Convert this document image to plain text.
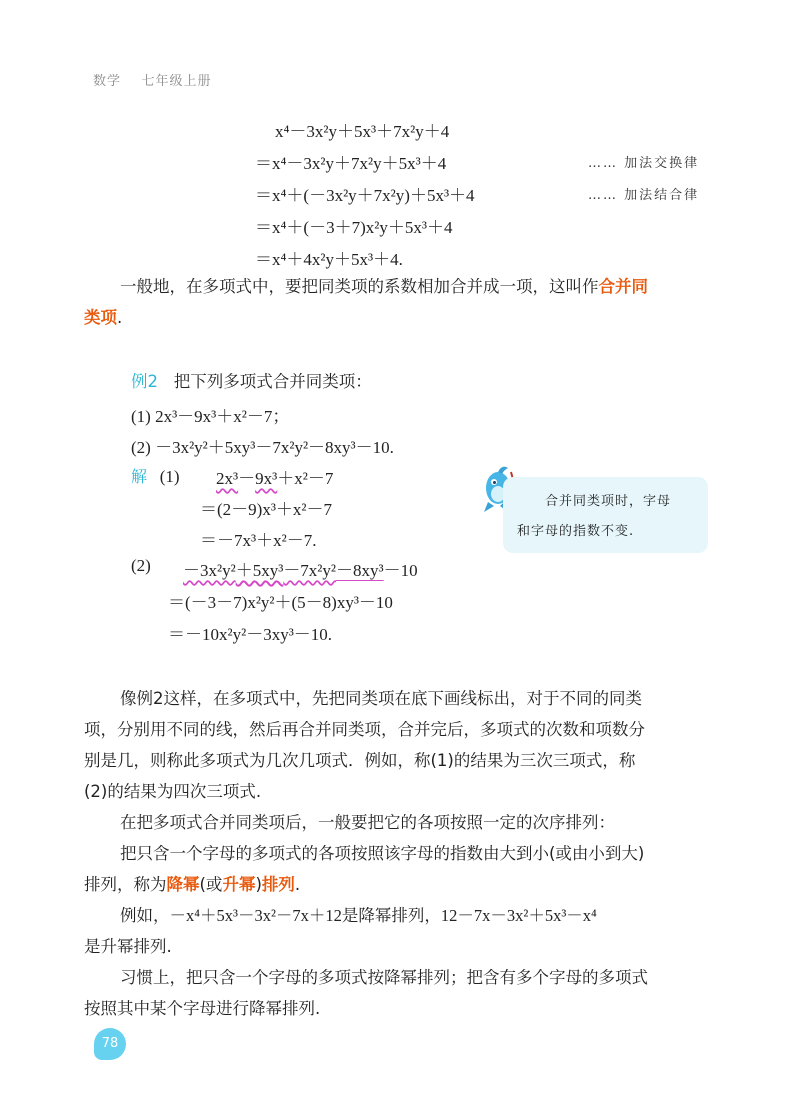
数学 七年级上册
x⁴－3x²y＋5x³＋7x²y＋4
＝x⁴－3x²y＋7x²y＋5x³＋4	…… 加法交换律
＝x⁴＋(－3x²y＋7x²y)＋5x³＋4	…… 加法结合律
＝x⁴＋(－3＋7)x²y＋5x³＋4
＝x⁴＋4x²y＋5x³＋4.
一般地，在多项式中，要把同类项的系数相加合并成一项，这叫作合并同
类项.
例2 把下列多项式合并同类项：
(1) 2x³－9x³＋x²－7；
(2) －3x²y²＋5xy³－7x²y²－8xy³－10.
解 (1) 2x³－9x³＋x²－7
＝(2－9)x³＋x²－7
＝－7x³＋x²－7.
(2) －3x²y²＋5xy³－7x²y²－8xy³－10
＝(－3－7)x²y²＋(5－8)xy³－10
＝－10x²y²－3xy³－10.
合并同类项时，字母
和字母的指数不变.
像例2这样，在多项式中，先把同类项在底下画线标出，对于不同的同类
项，分别用不同的线，然后再合并同类项，合并完后，多项式的次数和项数分
别是几，则称此多项式为几次几项式．例如，称(1)的结果为三次三项式，称
(2)的结果为四次三项式.
在把多项式合并同类项后，一般要把它的各项按照一定的次序排列：
把只含一个字母的多项式的各项按照该字母的指数由大到小(或由小到大)
排列，称为降幂(或升幂)排列.
例如，－x⁴＋5x³－3x²－7x＋12是降幂排列，12－7x－3x²＋5x³－x⁴
是升幂排列.
习惯上，把只含一个字母的多项式按降幂排列；把含有多个字母的多项式
按照其中某个字母进行降幂排列.
78
